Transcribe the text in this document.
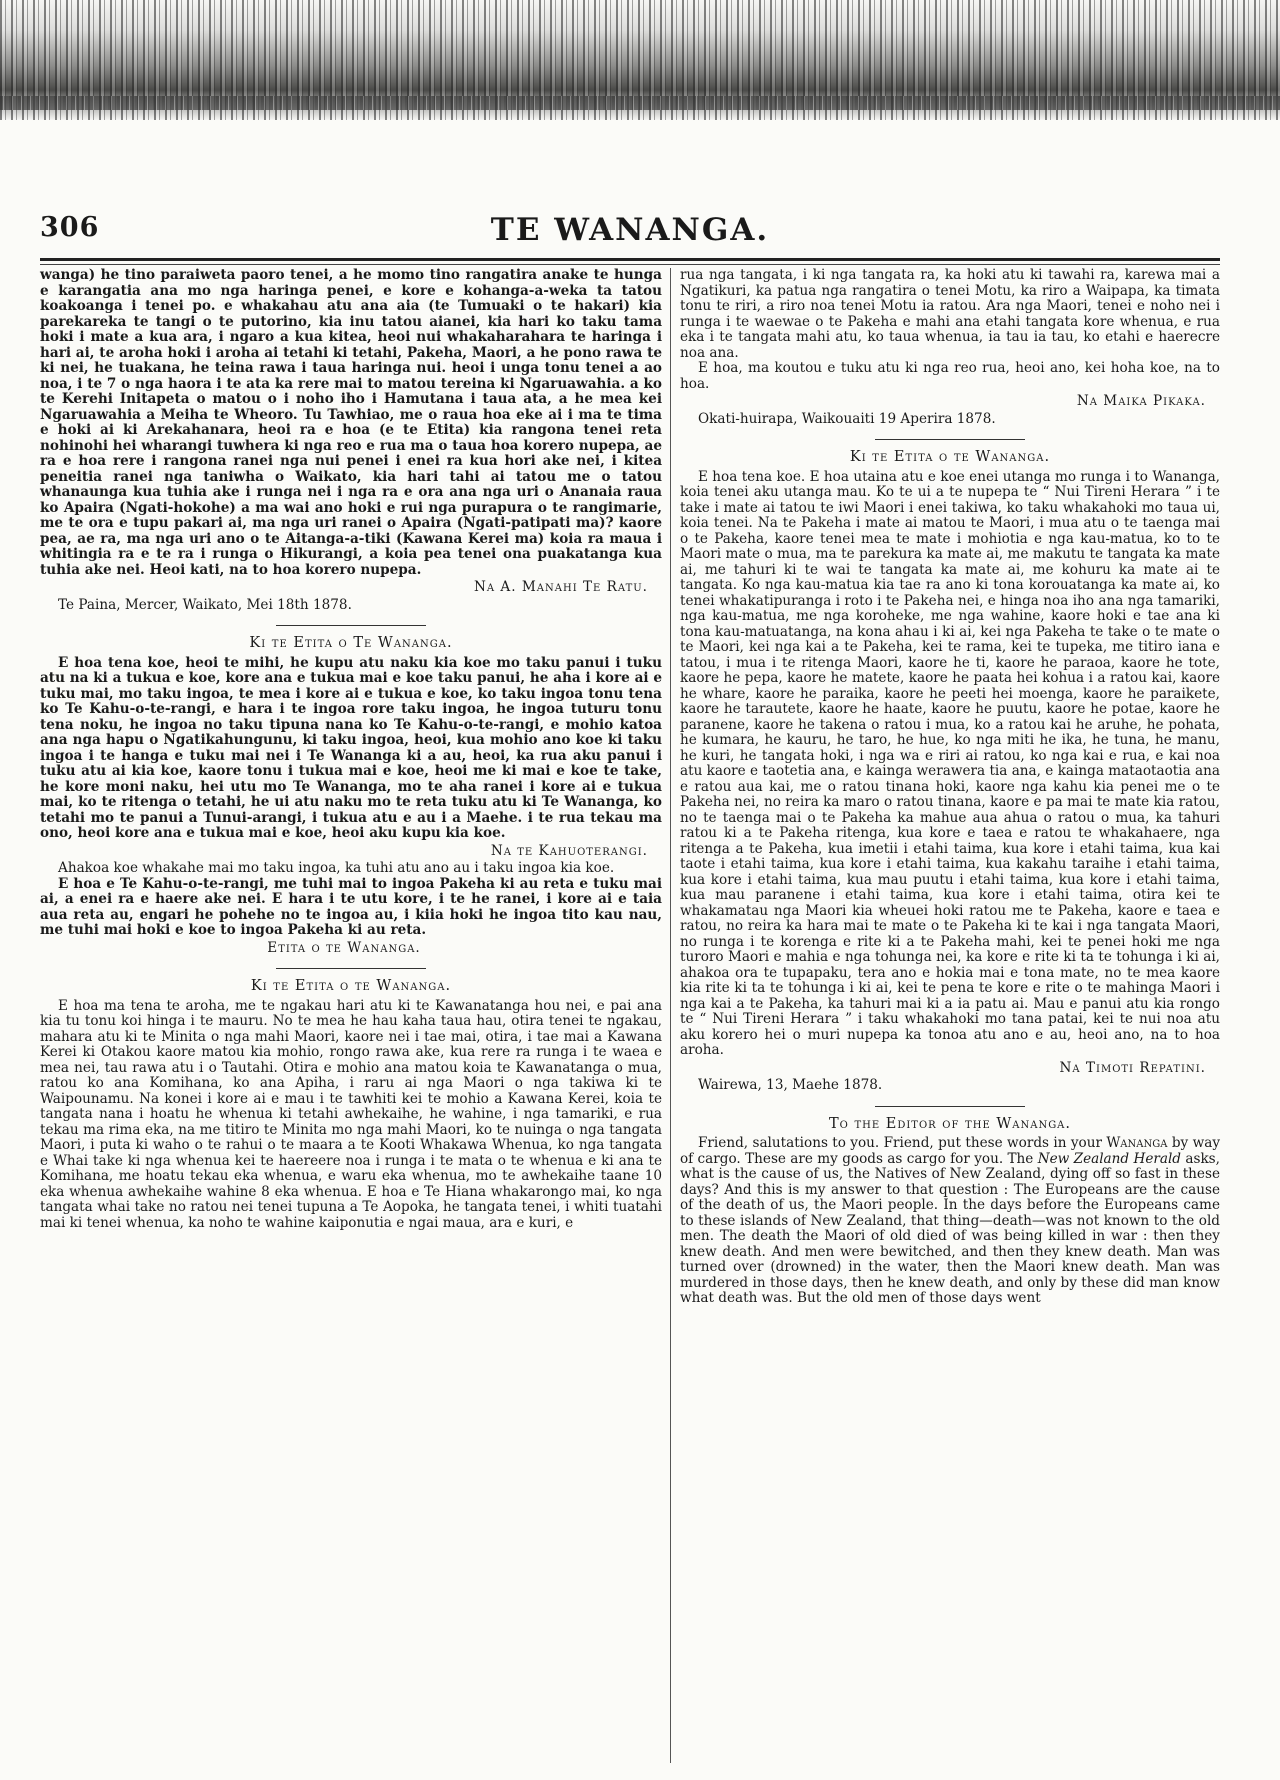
306	TE WANANGA.

wanga) he tino paraiweta paoro tenei, a he momo tino rangatira anake te hunga e karangatia ana mo nga haringa penei, e kore e kohanga-a-weka ta tatou koakoanga i tenei po. e whakahau atu ana aia (te Tumuaki o te hakari) kia parekareka te tangi o te putorino, kia inu tatou aianei, kia hari ko taku tama hoki i mate a kua ara, i ngaro a kua kitea, heoi nui whakaharahara te haringa i hari ai, te aroha hoki i aroha ai tetahi ki tetahi, Pakeha, Maori, a he pono rawa te ki nei, he tuakana, he teina rawa i taua haringa nui. heoi i unga tonu tenei a ao noa, i te 7 o nga haora i te ata ka rere mai to matou tereina ki Ngaruawahia. a ko te Kerehi Initapeta o matou o i noho iho i Hamutana i taua ata, a he mea kei Ngaruawahia a Meiha te Wheoro. Tu Tawhiao, me o raua hoa eke ai i ma te tima e hoki ai ki Arekahanara, heoi ra e hoa (e te Etita) kia rangona tenei reta nohinohi hei wharangi tuwhera ki nga reo e rua ma o taua hoa korero nupepa, ae ra e hoa rere i rangona ranei nga nui penei i enei ra kua hori ake nei, i kitea peneitia ranei nga taniwha o Waikato, kia hari tahi ai tatou me o tatou whanaunga kua tuhia ake i runga nei i nga ra e ora ana nga uri o Ananaia raua ko Apaira (Ngati-hokohe) a ma wai ano hoki e rui nga purapura o te rangimarie, me te ora e tupu pakari ai, ma nga uri ranei o Apaira (Ngati-patipati ma)? kaore pea, ae ra, ma nga uri ano o te Aitanga-a-tiki (Kawana Kerei ma) koia ra maua i whitingia ra e te ra i runga o Hikurangi, a koia pea tenei ona puakatanga kua tuhia ake nei. Heoi kati, na to hoa korero nupepa.

Na A. Manahi Te Ratu.

Te Paina, Mercer, Waikato, Mei 18th 1878.

Ki te Etita o Te Wananga.

E hoa tena koe, heoi te mihi, he kupu atu naku kia koe mo taku panui i tuku atu na ki a tukua e koe, kore ana e tukua mai e koe taku panui, he aha i kore ai e tuku mai, mo taku ingoa, te mea i kore ai e tukua e koe, ko taku ingoa tonu tena ko Te Kahu-o-te-rangi, e hara i te ingoa rore taku ingoa, he ingoa tuturu tonu tena noku, he ingoa no taku tipuna nana ko Te Kahu-o-te-rangi, e mohio katoa ana nga hapu o Ngatikahungunu, ki taku ingoa, heoi, kua mohio ano koe ki taku ingoa i te hanga e tuku mai nei i Te Wananga ki a au, heoi, ka rua aku panui i tuku atu ai kia koe, kaore tonu i tukua mai e koe, heoi me ki mai e koe te take, he kore moni naku, hei utu mo Te Wananga, mo te aha ranei i kore ai e tukua mai, ko te ritenga o tetahi, he ui atu naku mo te reta tuku atu ki Te Wananga, ko tetahi mo te panui a Tunui-arangi, i tukua atu e au i a Maehe. i te rua tekau ma ono, heoi kore ana e tukua mai e koe, heoi aku kupu kia koe.

Na te Kahuoterangi.

Ahakoa koe whakahe mai mo taku ingoa, ka tuhi atu ano au i taku ingoa kia koe.

E hoa e Te Kahu-o-te-rangi, me tuhi mai to ingoa Pakeha ki au reta e tuku mai ai, a enei ra e haere ake nei. E hara i te utu kore, i te he ranei, i kore ai e taia aua reta au, engari he pohehe no te ingoa au, i kiia hoki he ingoa tito kau nau, me tuhi mai hoki e koe to ingoa Pakeha ki au reta.

Etita o te Wananga.

Ki te Etita o te Wananga.

E hoa ma tena te aroha, me te ngakau hari atu ki te Kawanatanga hou nei, e pai ana kia tu tonu koi hinga i te mauru. No te mea he hau kaha taua hau, otira tenei te ngakau, mahara atu ki te Minita o nga mahi Maori, kaore nei i tae mai, otira, i tae mai a Kawana Kerei ki Otakou kaore matou kia mohio, rongo rawa ake, kua rere ra runga i te waea e mea nei, tau rawa atu i o Tautahi. Otira e mohio ana matou koia te Kawanatanga o mua, ratou ko ana Komihana, ko ana Apiha, i raru ai nga Maori o nga takiwa ki te Waipounamu. Na konei i kore ai e mau i te tawhiti kei te mohio a Kawana Kerei, koia te tangata nana i hoatu he whenua ki tetahi awhekaihe, he wahine, i nga tamariki, e rua tekau ma rima eka, na me titiro te Minita mo nga mahi Maori, ko te nuinga o nga tangata Maori, i puta ki waho o te rahui o te maara a te Kooti Whakawa Whenua, ko nga tangata e Whai take ki nga whenua kei te haereere noa i runga i te mata o te whenua e ki ana te Komihana, me hoatu tekau eka whenua, e waru eka whenua, mo te awhekaihe taane 10 eka whenua awhekaihe wahine 8 eka whenua. E hoa e Te Hiana whakarongo mai, ko nga tangata whai take no ratou nei tenei tupuna a Te Aopoka, he tangata tenei, i whiti tuatahi mai ki tenei whenua, ka noho te wahine kaiponutia e ngai maua, ara e kuri, e

rua nga tangata, i ki nga tangata ra, ka hoki atu ki tawahi ra, karewa mai a Ngatikuri, ka patua nga rangatira o tenei Motu, ka riro a Waipapa, ka timata tonu te riri, a riro noa tenei Motu ia ratou. Ara nga Maori, tenei e noho nei i runga i te waewae o te Pakeha e mahi ana etahi tangata kore whenua, e rua eka i te tangata mahi atu, ko taua whenua, ia tau ia tau, ko etahi e haerecre noa ana.

E hoa, ma koutou e tuku atu ki nga reo rua, heoi ano, kei hoha koe, na to hoa.

Na Maika Pikaka.

Okati-huirapa, Waikouaiti 19 Aperira 1878.

Ki te Etita o te Wananga.

E hoa tena koe. E hoa utaina atu e koe enei utanga mo runga i to Wananga, koia tenei aku utanga mau. Ko te ui a te nupepa te “ Nui Tireni Herara ” i te take i mate ai tatou te iwi Maori i enei takiwa, ko taku whakahoki mo taua ui, koia tenei. Na te Pakeha i mate ai matou te Maori, i mua atu o te taenga mai o te Pakeha, kaore tenei mea te mate i mohiotia e nga kau-matua, ko to te Maori mate o mua, ma te parekura ka mate ai, me makutu te tangata ka mate ai, me tahuri ki te wai te tangata ka mate ai, me kohuru ka mate ai te tangata. Ko nga kau-matua kia tae ra ano ki tona korouatanga ka mate ai, ko tenei whakatipuranga i roto i te Pakeha nei, e hinga noa iho ana nga tamariki, nga kau-matua, me nga koroheke, me nga wahine, kaore hoki e tae ana ki tona kau-matuatanga, na kona ahau i ki ai, kei nga Pakeha te take o te mate o te Maori, kei nga kai a te Pakeha, kei te rama, kei te tupeka, me titiro iana e tatou, i mua i te ritenga Maori, kaore he ti, kaore he paraoa, kaore he tote, kaore he pepa, kaore he matete, kaore he paata hei kohua i a ratou kai, kaore he whare, kaore he paraika, kaore he peeti hei moenga, kaore he paraikete, kaore he tarautete, kaore he haate, kaore he puutu, kaore he potae, kaore he paranene, kaore he takena o ratou i mua, ko a ratou kai he aruhe, he pohata, he kumara, he kauru, he taro, he hue, ko nga miti he ika, he tuna, he manu, he kuri, he tangata hoki, i nga wa e riri ai ratou, ko nga kai e rua, e kai noa atu kaore e taotetia ana, e kainga werawera tia ana, e kainga mataotaotia ana e ratou aua kai, me o ratou tinana hoki, kaore nga kahu kia penei me o te Pakeha nei, no reira ka maro o ratou tinana, kaore e pa mai te mate kia ratou, no te taenga mai o te Pakeha ka mahue aua ahua o ratou o mua, ka tahuri ratou ki a te Pakeha ritenga, kua kore e taea e ratou te whakahaere, nga ritenga a te Pakeha, kua imetii i etahi taima, kua kore i etahi taima, kua kai taote i etahi taima, kua kore i etahi taima, kua kakahu taraihe i etahi taima, kua kore i etahi taima, kua mau puutu i etahi taima, kua kore i etahi taima, kua mau paranene i etahi taima, kua kore i etahi taima, otira kei te whakamatau nga Maori kia wheuei hoki ratou me te Pakeha, kaore e taea e ratou, no reira ka hara mai te mate o te Pakeha ki te kai i nga tangata Maori, no runga i te korenga e rite ki a te Pakeha mahi, kei te penei hoki me nga turoro Maori e mahia e nga tohunga nei, ka kore e rite ki ta te tohunga i ki ai, ahakoa ora te tupapaku, tera ano e hokia mai e tona mate, no te mea kaore kia rite ki ta te tohunga i ki ai, kei te pena te kore e rite o te mahinga Maori i nga kai a te Pakeha, ka tahuri mai ki a ia patu ai. Mau e panui atu kia rongo te “ Nui Tireni Herara ” i taku whakahoki mo tana patai, kei te nui noa atu aku korero hei o muri nupepa ka tonoa atu ano e au, heoi ano, na to hoa aroha.

Na Timoti Repatini.

Wairewa, 13, Maehe 1878.

To the Editor of the Wananga.

Friend, salutations to you. Friend, put these words in your Wananga by way of cargo. These are my goods as cargo for you. The New Zealand Herald asks, what is the cause of us, the Natives of New Zealand, dying off so fast in these days? And this is my answer to that question : The Europeans are the cause of the death of us, the Maori people. In the days before the Europeans came to these islands of New Zealand, that thing—death—was not known to the old men. The death the Maori of old died of was being killed in war : then they knew death. And men were bewitched, and then they knew death. Man was turned over (drowned) in the water, then the Maori knew death. Man was murdered in those days, then he knew death, and only by these did man know what death was. But the old men of those days went
